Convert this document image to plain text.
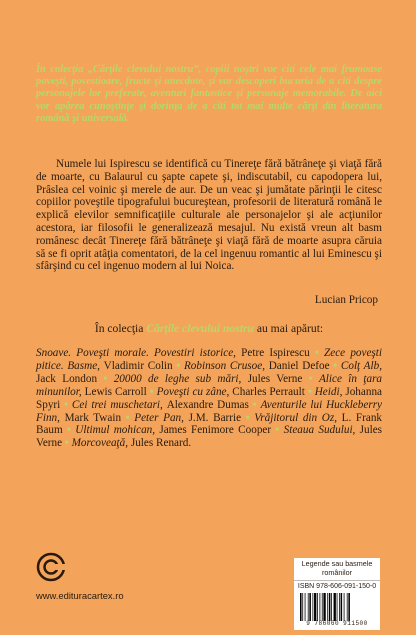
În colecţia „Cărţile clevului nostru”, copiii noştri vor citi cele mai frumoase poveşti, povestioare, fructe şi anecdote, şi vor descoperi bucuria de a citi despre personajele lor preferate, aventuri fantastice şi personaje memorabile. De aici vor apărea cunoştinţe şi dorinţa de a citi tot mai multe cărţi din literatura română şi universală.

Numele lui Ispirescu se identifică cu Tinereţe fără bătrâneţe şi viaţă fără de moarte, cu Balaurul cu şapte capete şi, indiscutabil, cu capodopera lui, Prâslea cel voinic şi merele de aur. De un veac şi jumătate părinţii le citesc copiilor poveştile tipografului bucureştean, profesorii de literatură română le explică elevilor semnificaţiile culturale ale personajelor şi ale acţiunilor acestora, iar filosofii le generalizează mesajul. Nu există vreun alt basm românesc decât Tinereţe fără bătrâneţe şi viaţă fără de moarte asupra căruia să se fi oprit atâţia comentatori, de la cel ingenuu romantic al lui Eminescu şi sfârşind cu cel ingenuo modern al lui Noica.

Lucian Pricop
În colecţia Cărţile clevului nostru au mai apărut:
Snoave. Poveşti morale. Povestiri istorice, Petre Ispirescu • Zece poveşti pitice. Basme, Vladimir Colin • Robinson Crusoe, Daniel Defoe • Colţ Alb, Jack London • 20000 de leghe sub mări, Jules Verne • Alice în ţara minunilor, Lewis Carroll • Poveşti cu zâne, Charles Perrault • Heidi, Johanna Spyri • Cei trei muschetari, Alexandre Dumas • Aventurile lui Huckleberry Finn, Mark Twain • Peter Pan, J.M. Barrie • Vrăjitorul din Oz, L. Frank Baum • Ultimul mohican, James Fenimore Cooper • Steaua Sudului, Jules Verne • Morcoveaţă, Jules Renard.
www.edituracartex.ro
Legende sau basmele românilor
ISBN 978-606-091-150-0
9 786060 911500
